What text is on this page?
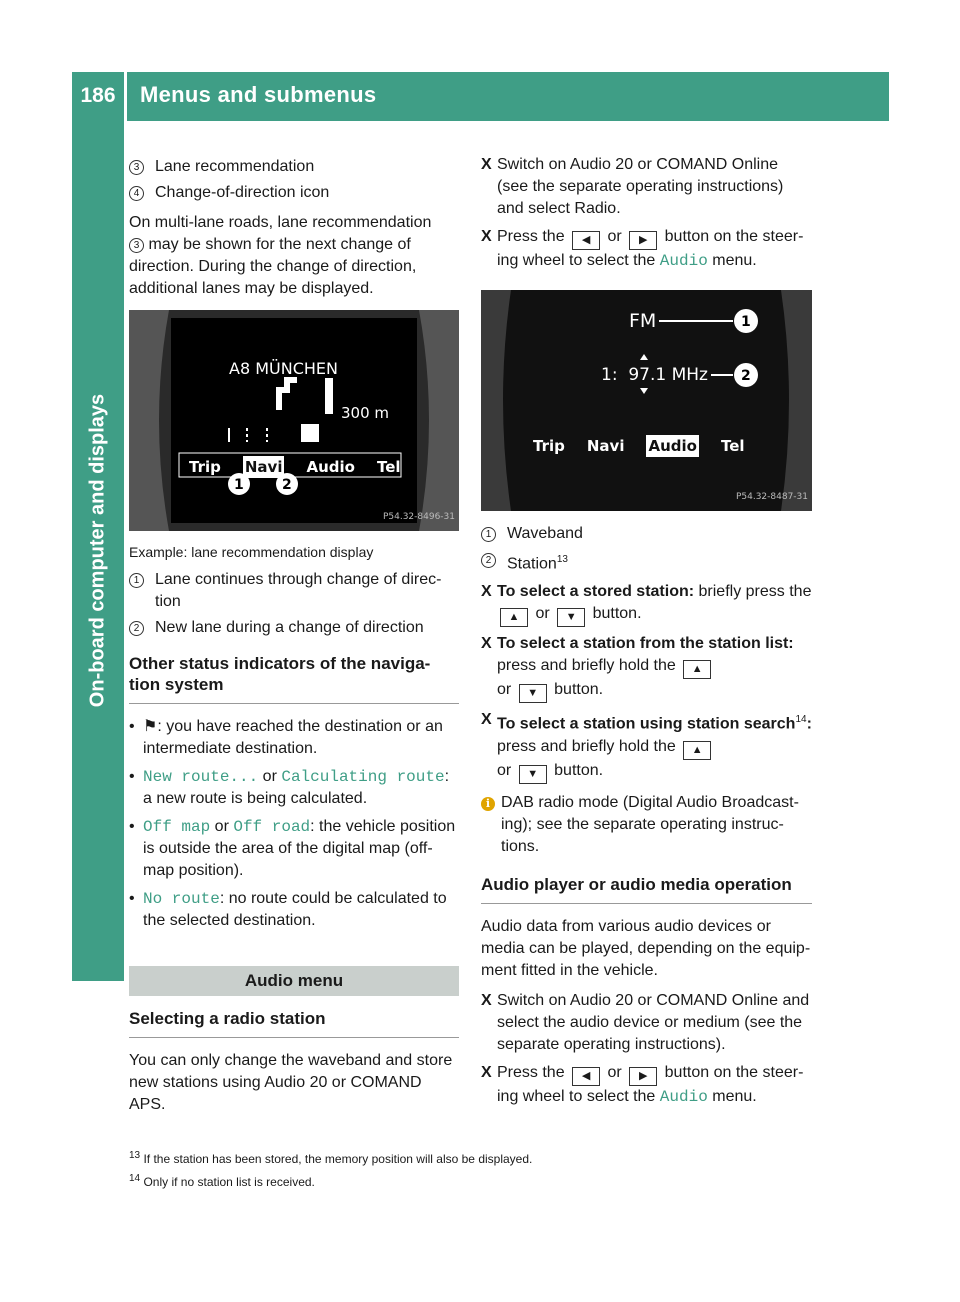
186	Menus and submenus
On-board computer and displays
3 Lane recommendation
4 Change-of-direction icon

On multi-lane roads, lane recommendation
3 may be shown for the next change of direction. During the change of direction, additional lanes may be displayed.

A8 MÜNCHEN
300 m
Trip Navi Audio Tel
1	2
P54.32-8496-31
Example: lane recommendation display
1 Lane continues through change of direc-tion
2 New lane during a change of direction
Other status indicators of the naviga-tion system
• ⚑: you have reached the destination or an intermediate destination.
• New route... or Calculating route: a new route is being calculated.
• Off map or Off road: the vehicle position is outside the area of the digital map (off-map position).
• No route: no route could be calculated to the selected destination.
Audio menu
Selecting a radio station

You can only change the waveband and store new stations using Audio 20 or COMAND APS.

X Switch on Audio 20 or COMAND Online (see the separate operating instructions) and select Radio.
X Press the ◀ or ▶ button on the steer-ing wheel to select the Audio menu.
FM
1:  97.1 MHz
Trip Navi Audio Tel
1
2
P54.32-8487-31
1 Waveband
2 Station$^{13}$
X To select a stored station: briefly press the ▲ or ▼ button.
X To select a station from the station list: press and briefly hold the ▲
or ▼ button.
X To select a station using station search$^{14}$: press and briefly hold the ▲
or ▼ button.
i DAB radio mode (Digital Audio Broadcast-ing); see the separate operating instruc-tions.
Audio player or audio media operation

Audio data from various audio devices or media can be played, depending on the equip-ment fitted in the vehicle.

X Switch on Audio 20 or COMAND Online and select the audio device or medium (see the separate operating instructions).
X Press the ◀ or ▶ button on the steer-ing wheel to select the Audio menu.
$^{13}$ If the station has been stored, the memory position will also be displayed.
$^{14}$ Only if no station list is received.
